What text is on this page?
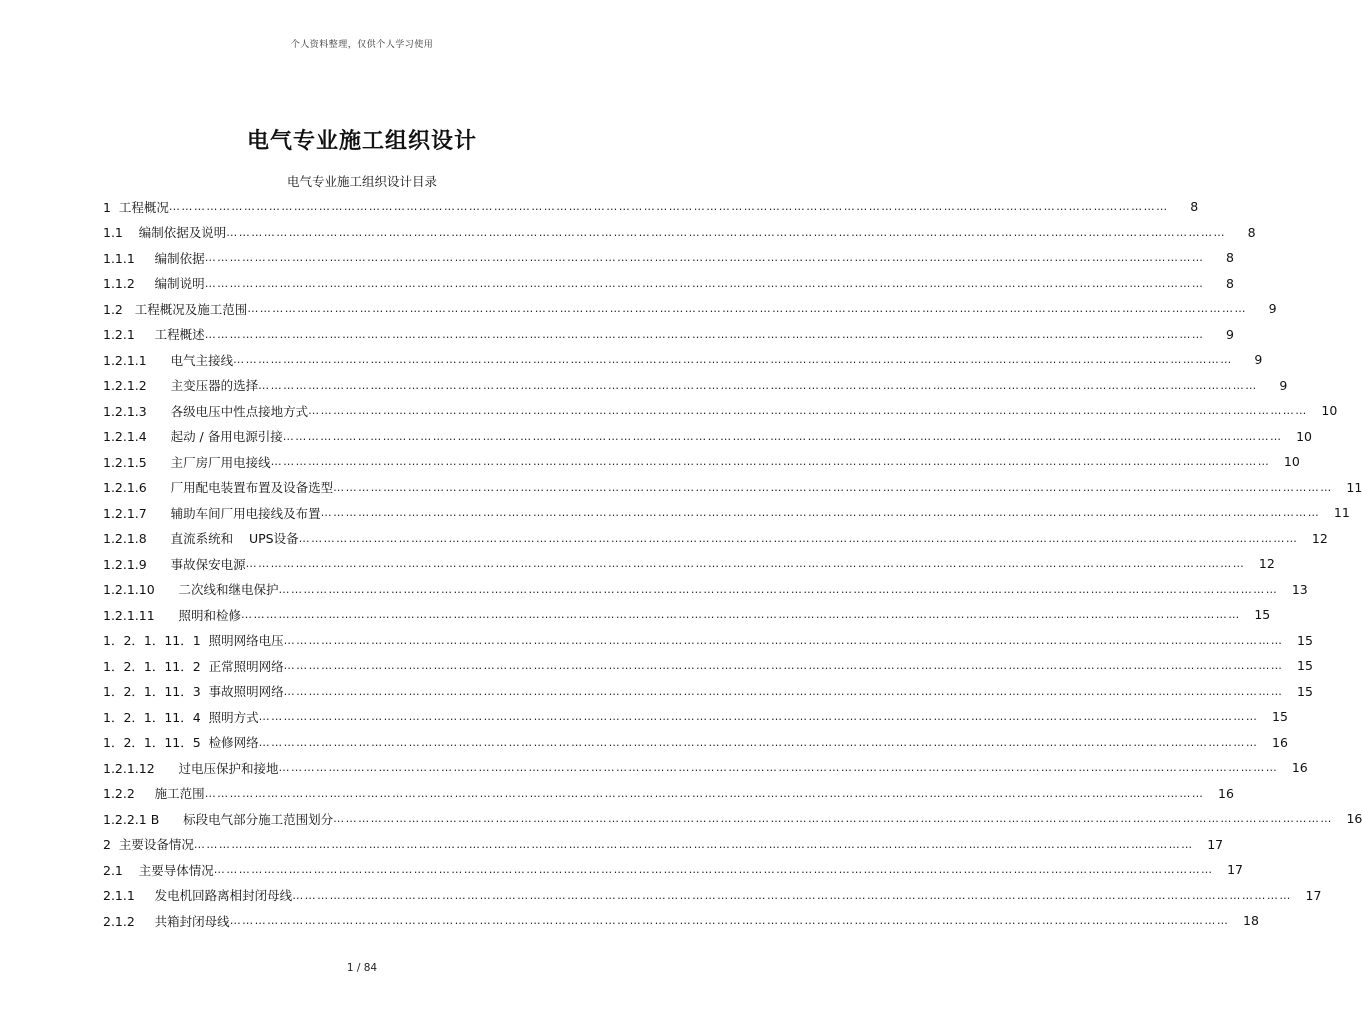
个人资料整理，仅供个人学习使用
电气专业施工组织设计
电气专业施工组织设计目录
1  工程概况 … … … … … … … … … … … … … … … … … … … … … … … … … … … … … … … … … … … … … … … … … … … … … … … … … … … … … … … … … … … … … … … … … … … … … … … … … … … … … … … …	8
1.1    编制依据及说明 … … … … … … … … … … … … … … … … … … … … … … … … … … … … … … … … … … … … … … … … … … … … … … … … … … … … … … … … … … … … … … … … … … … … … … … … … … … … … … … …	8
1.1.1     编制依据 … … … … … … … … … … … … … … … … … … … … … … … … … … … … … … … … … … … … … … … … … … … … … … … … … … … … … … … … … … … … … … … … … … … … … … … … … … … … … … … …	8
1.1.2     编制说明 … … … … … … … … … … … … … … … … … … … … … … … … … … … … … … … … … … … … … … … … … … … … … … … … … … … … … … … … … … … … … … … … … … … … … … … … … … … … … … … …	8
1.2   工程概况及施工范围 … … … … … … … … … … … … … … … … … … … … … … … … … … … … … … … … … … … … … … … … … … … … … … … … … … … … … … … … … … … … … … … … … … … … … … … … … … … … … … … …	9
1.2.1     工程概述 … … … … … … … … … … … … … … … … … … … … … … … … … … … … … … … … … … … … … … … … … … … … … … … … … … … … … … … … … … … … … … … … … … … … … … … … … … … … … … … …	9
1.2.1.1      电气主接线 … … … … … … … … … … … … … … … … … … … … … … … … … … … … … … … … … … … … … … … … … … … … … … … … … … … … … … … … … … … … … … … … … … … … … … … … … … … … … … … …	9
1.2.1.2      主变压器的选择 … … … … … … … … … … … … … … … … … … … … … … … … … … … … … … … … … … … … … … … … … … … … … … … … … … … … … … … … … … … … … … … … … … … … … … … … … … … … … … … …	9
1.2.1.3      各级电压中性点接地方式 … … … … … … … … … … … … … … … … … … … … … … … … … … … … … … … … … … … … … … … … … … … … … … … … … … … … … … … … … … … … … … … … … … … … … … … … … … … … … … … …	10
1.2.1.4      起动 / 备用电源引接 … … … … … … … … … … … … … … … … … … … … … … … … … … … … … … … … … … … … … … … … … … … … … … … … … … … … … … … … … … … … … … … … … … … … … … … … … … … … … … … …	10
1.2.1.5      主厂房厂用电接线 … … … … … … … … … … … … … … … … … … … … … … … … … … … … … … … … … … … … … … … … … … … … … … … … … … … … … … … … … … … … … … … … … … … … … … … … … … … … … … … …	10
1.2.1.6      厂用配电装置布置及设备选型 … … … … … … … … … … … … … … … … … … … … … … … … … … … … … … … … … … … … … … … … … … … … … … … … … … … … … … … … … … … … … … … … … … … … … … … … … … … … … … … …	11
1.2.1.7      辅助车间厂用电接线及布置 … … … … … … … … … … … … … … … … … … … … … … … … … … … … … … … … … … … … … … … … … … … … … … … … … … … … … … … … … … … … … … … … … … … … … … … … … … … … … … … …	11
1.2.1.8      直流系统和    UPS设备 … … … … … … … … … … … … … … … … … … … … … … … … … … … … … … … … … … … … … … … … … … … … … … … … … … … … … … … … … … … … … … … … … … … … … … … … … … … … … … … …	12
1.2.1.9      事故保安电源 … … … … … … … … … … … … … … … … … … … … … … … … … … … … … … … … … … … … … … … … … … … … … … … … … … … … … … … … … … … … … … … … … … … … … … … … … … … … … … … …	12
1.2.1.10      二次线和继电保护 … … … … … … … … … … … … … … … … … … … … … … … … … … … … … … … … … … … … … … … … … … … … … … … … … … … … … … … … … … … … … … … … … … … … … … … … … … … … … … … …	13
1.2.1.11      照明和检修 … … … … … … … … … … … … … … … … … … … … … … … … … … … … … … … … … … … … … … … … … … … … … … … … … … … … … … … … … … … … … … … … … … … … … … … … … … … … … … … …	15
1．2．1．11．1  照明网络电压 … … … … … … … … … … … … … … … … … … … … … … … … … … … … … … … … … … … … … … … … … … … … … … … … … … … … … … … … … … … … … … … … … … … … … … … … … … … … … … … …	15
1．2．1．11．2  正常照明网络 … … … … … … … … … … … … … … … … … … … … … … … … … … … … … … … … … … … … … … … … … … … … … … … … … … … … … … … … … … … … … … … … … … … … … … … … … … … … … … … …	15
1．2．1．11．3  事故照明网络 … … … … … … … … … … … … … … … … … … … … … … … … … … … … … … … … … … … … … … … … … … … … … … … … … … … … … … … … … … … … … … … … … … … … … … … … … … … … … … … …	15
1．2．1．11．4  照明方式 … … … … … … … … … … … … … … … … … … … … … … … … … … … … … … … … … … … … … … … … … … … … … … … … … … … … … … … … … … … … … … … … … … … … … … … … … … … … … … … …	15
1．2．1．11．5  检修网络 … … … … … … … … … … … … … … … … … … … … … … … … … … … … … … … … … … … … … … … … … … … … … … … … … … … … … … … … … … … … … … … … … … … … … … … … … … … … … … … …	16
1.2.1.12      过电压保护和接地 … … … … … … … … … … … … … … … … … … … … … … … … … … … … … … … … … … … … … … … … … … … … … … … … … … … … … … … … … … … … … … … … … … … … … … … … … … … … … … … …	16
1.2.2     施工范围 … … … … … … … … … … … … … … … … … … … … … … … … … … … … … … … … … … … … … … … … … … … … … … … … … … … … … … … … … … … … … … … … … … … … … … … … … … … … … … … …	16
1.2.2.1 B      标段电气部分施工范围划分 … … … … … … … … … … … … … … … … … … … … … … … … … … … … … … … … … … … … … … … … … … … … … … … … … … … … … … … … … … … … … … … … … … … … … … … … … … … … … … … …	16
2  主要设备情况 … … … … … … … … … … … … … … … … … … … … … … … … … … … … … … … … … … … … … … … … … … … … … … … … … … … … … … … … … … … … … … … … … … … … … … … … … … … … … … … …	17
2.1    主要导体情况 … … … … … … … … … … … … … … … … … … … … … … … … … … … … … … … … … … … … … … … … … … … … … … … … … … … … … … … … … … … … … … … … … … … … … … … … … … … … … … … …	17
2.1.1     发电机回路离相封闭母线 … … … … … … … … … … … … … … … … … … … … … … … … … … … … … … … … … … … … … … … … … … … … … … … … … … … … … … … … … … … … … … … … … … … … … … … … … … … … … … … …	17
2.1.2     共箱封闭母线 … … … … … … … … … … … … … … … … … … … … … … … … … … … … … … … … … … … … … … … … … … … … … … … … … … … … … … … … … … … … … … … … … … … … … … … … … … … … … … … …	18
1 / 84
